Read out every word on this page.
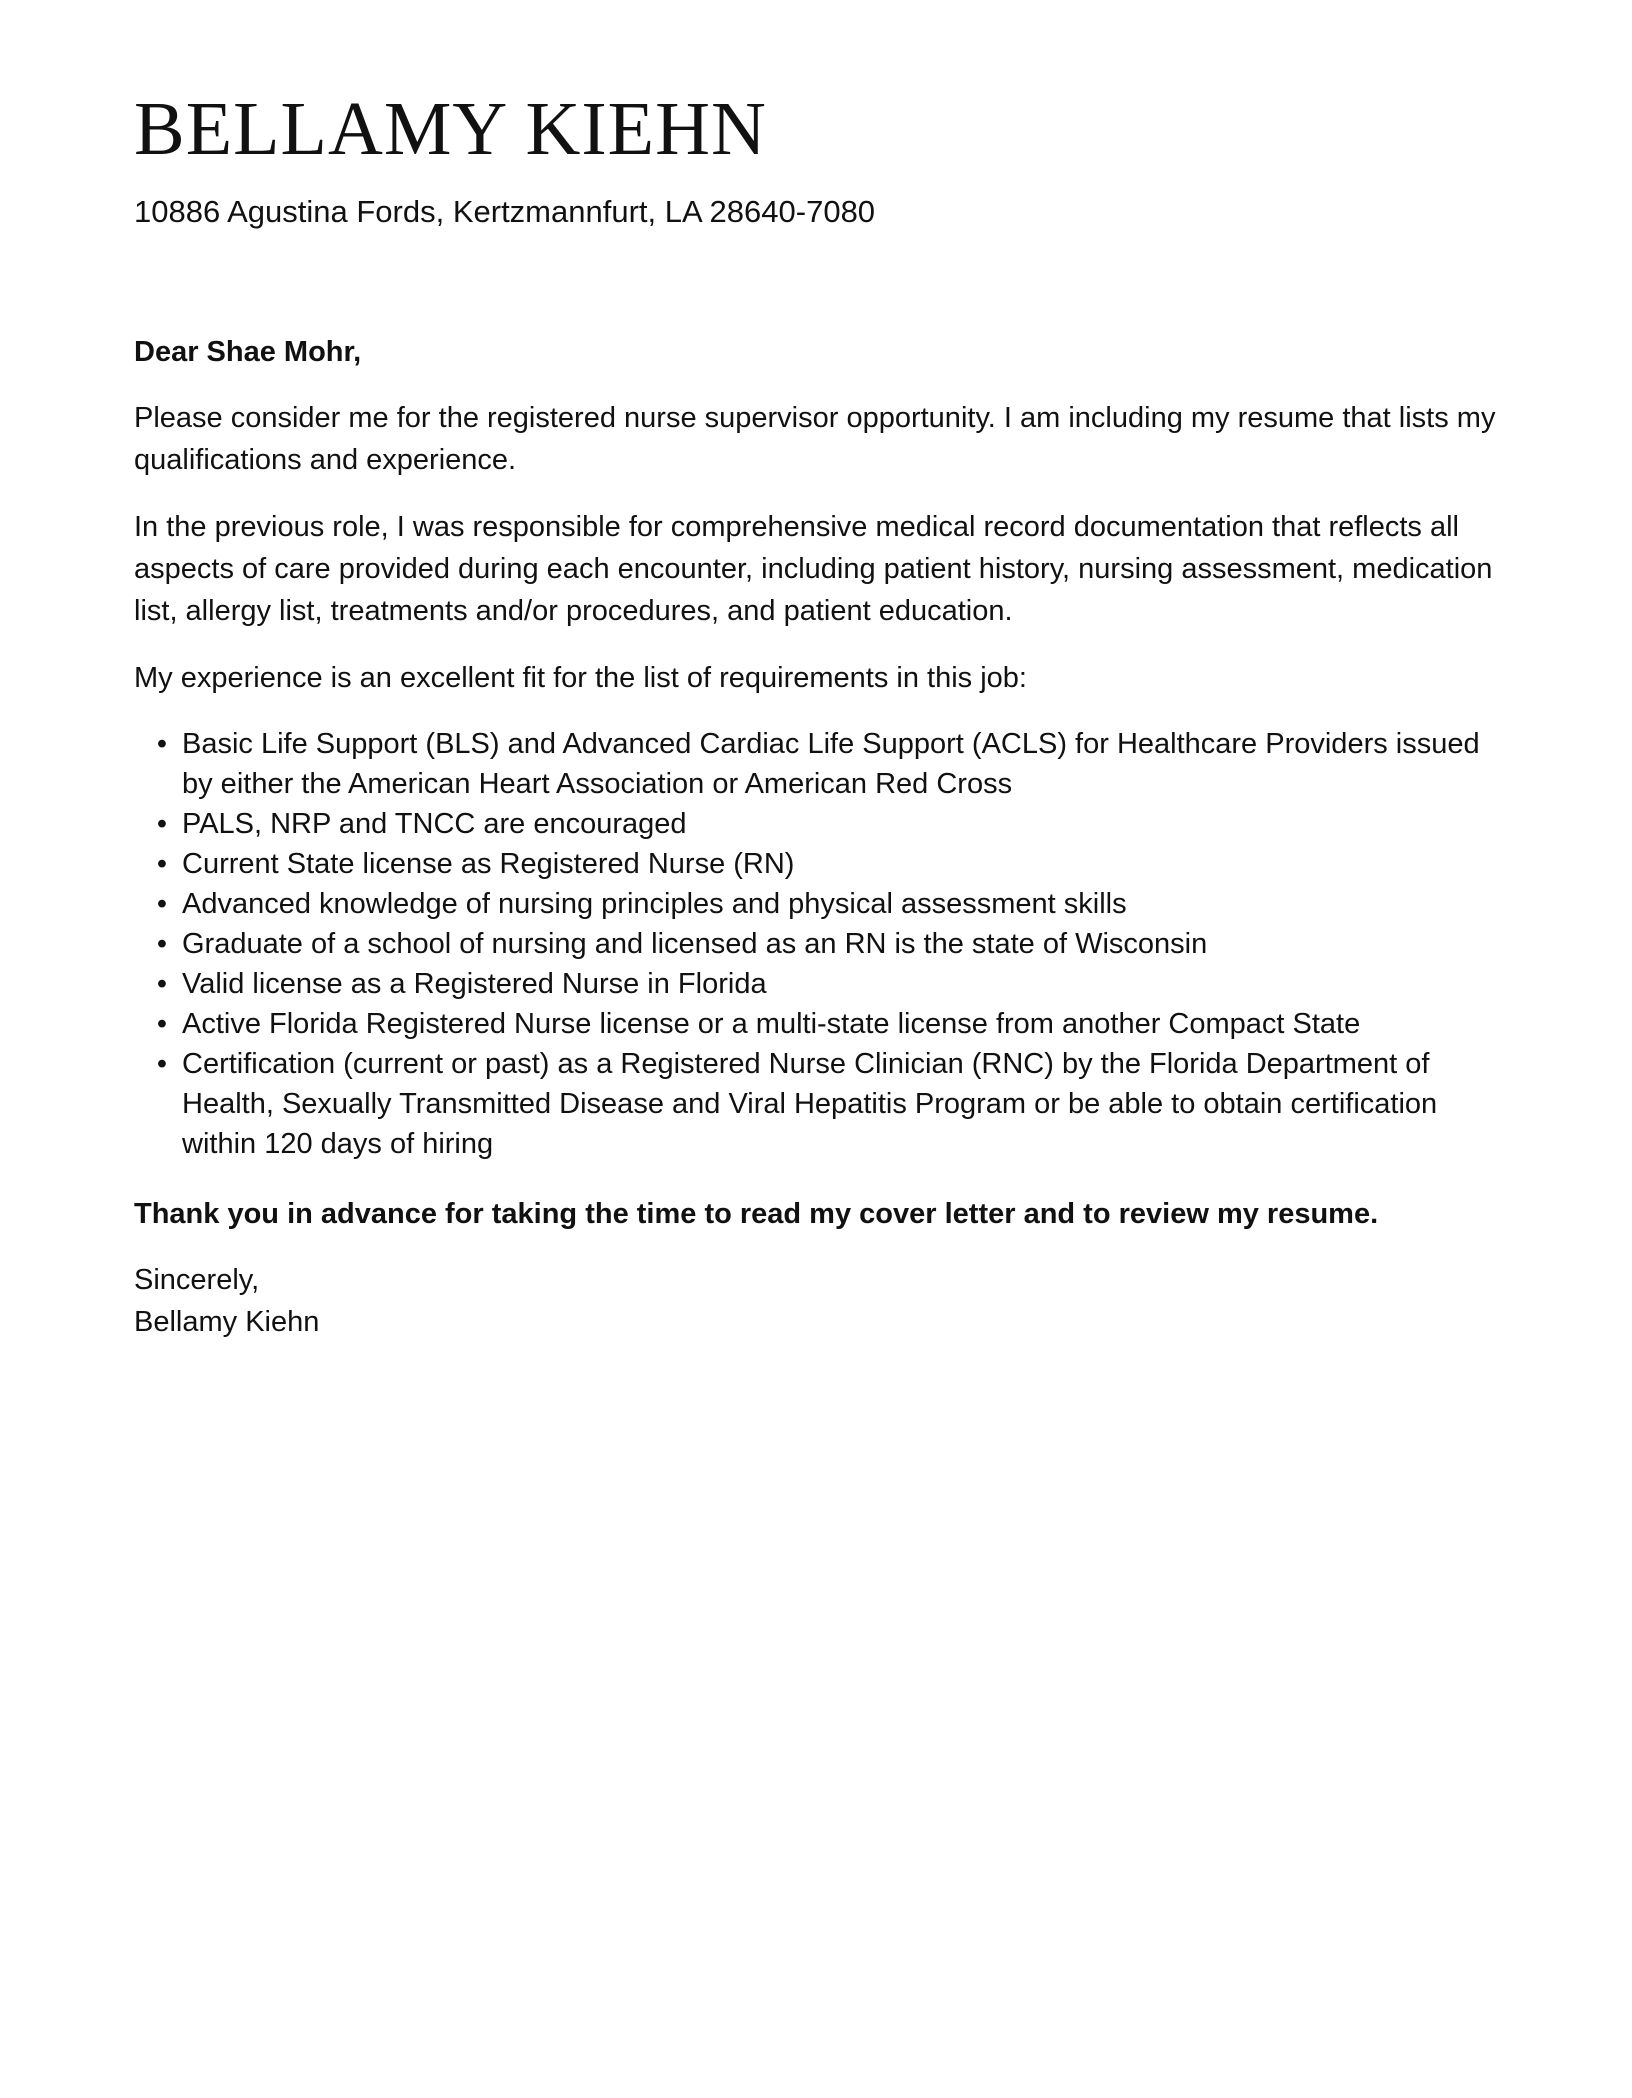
BELLAMY KIEHN
10886 Agustina Fords, Kertzmannfurt, LA 28640-7080

Dear Shae Mohr,

Please consider me for the registered nurse supervisor opportunity. I am including my resume that lists my qualifications and experience.

In the previous role, I was responsible for comprehensive medical record documentation that reflects all aspects of care provided during each encounter, including patient history, nursing assessment, medication list, allergy list, treatments and/or procedures, and patient education.

My experience is an excellent fit for the list of requirements in this job:

• Basic Life Support (BLS) and Advanced Cardiac Life Support (ACLS) for Healthcare Providers issued by either the American Heart Association or American Red Cross
• PALS, NRP and TNCC are encouraged
• Current State license as Registered Nurse (RN)
• Advanced knowledge of nursing principles and physical assessment skills
• Graduate of a school of nursing and licensed as an RN is the state of Wisconsin
• Valid license as a Registered Nurse in Florida
• Active Florida Registered Nurse license or a multi-state license from another Compact State
• Certification (current or past) as a Registered Nurse Clinician (RNC) by the Florida Department of Health, Sexually Transmitted Disease and Viral Hepatitis Program or be able to obtain certification within 120 days of hiring

Thank you in advance for taking the time to read my cover letter and to review my resume.

Sincerely,
Bellamy Kiehn
